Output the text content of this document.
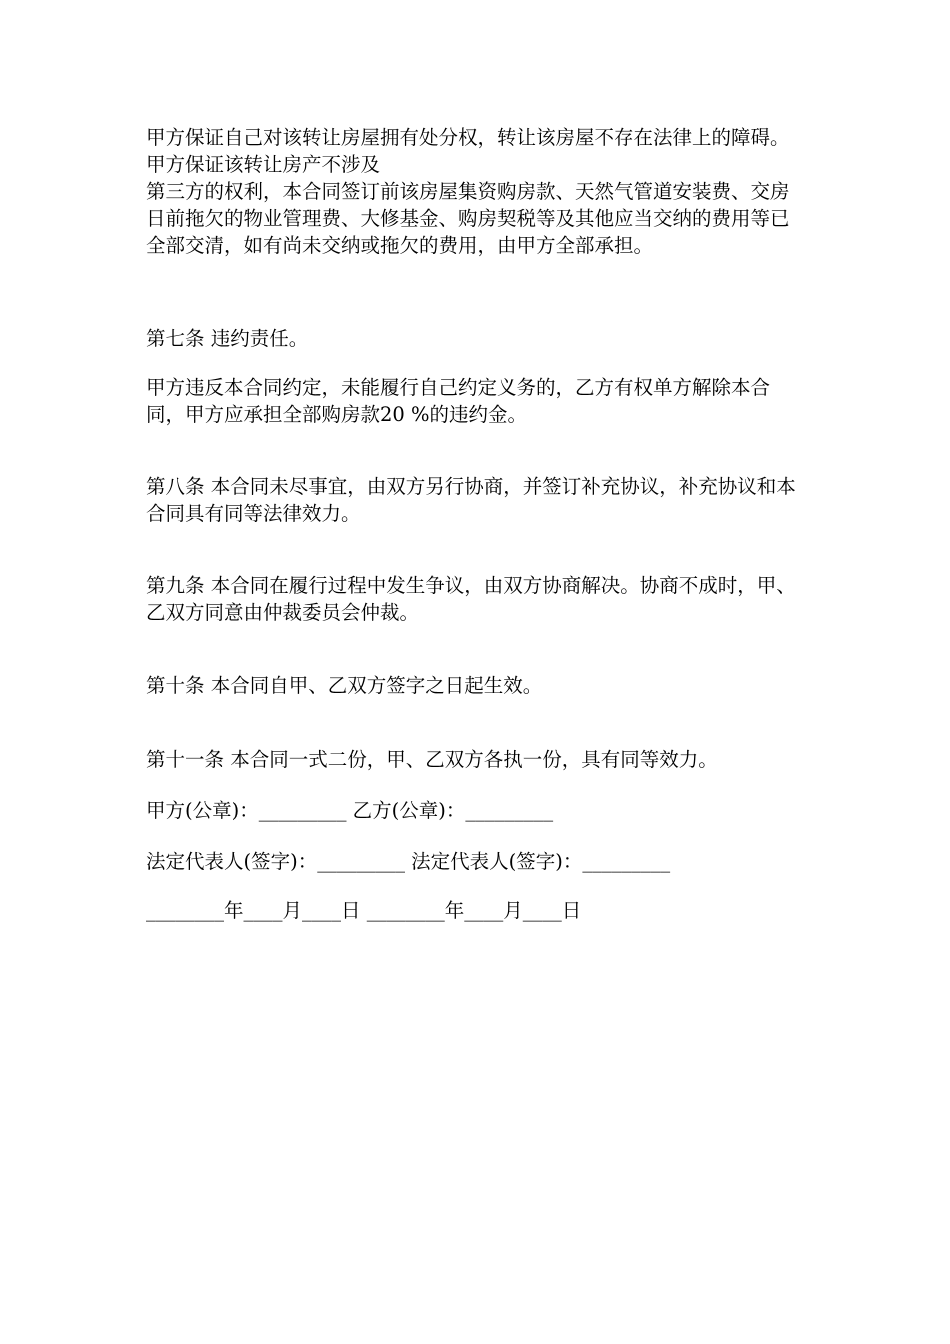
甲方保证自己对该转让房屋拥有处分权，转让该房屋不存在法律上的障碍。甲方保证该转让房产不涉及

第三方的权利，本合同签订前该房屋集资购房款、天然气管道安装费、交房日前拖欠的物业管理费、大修基金、购房契税等及其他应当交纳的费用等已全部交清，如有尚未交纳或拖欠的费用，由甲方全部承担。

第七条 违约责任。

甲方违反本合同约定，未能履行自己约定义务的，乙方有权单方解除本合同，甲方应承担全部购房款20 %的违约金。

第八条 本合同未尽事宜，由双方另行协商，并签订补充协议，补充协议和本合同具有同等法律效力。

第九条 本合同在履行过程中发生争议，由双方协商解决。协商不成时，甲、乙双方同意由仲裁委员会仲裁。

第十条 本合同自甲、乙双方签字之日起生效。

第十一条 本合同一式二份，甲、乙双方各执一份，具有同等效力。

甲方(公章)：_________ 乙方(公章)：_________

法定代表人(签字)：_________ 法定代表人(签字)：_________

________年____月____日 ________年____月____日
